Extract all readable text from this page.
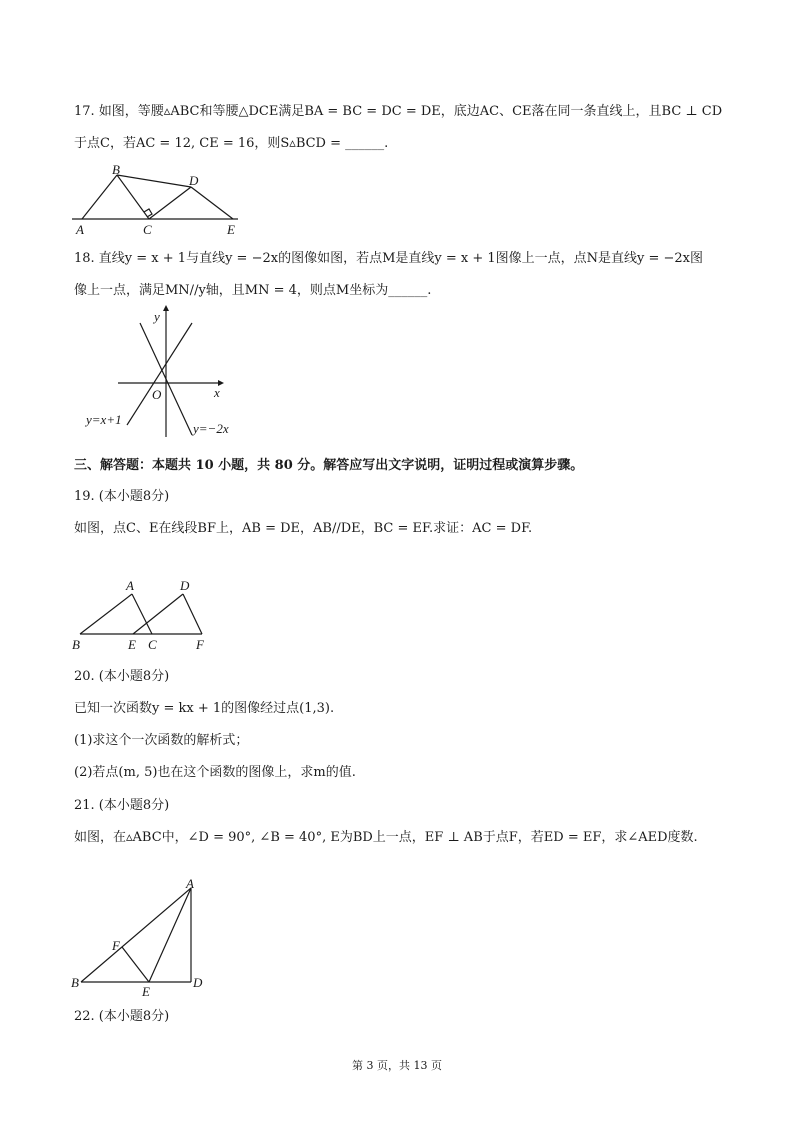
17. 如图，等腰▵ABC和等腰△DCE满足BA = BC = DC = DE，底边AC、CE落在同一条直线上，且BC ⊥ CD
于点C，若AC = 12, CE = 16，则S▵BCD = ______.
B
D
A	C	E
18. 直线y = x + 1与直线y = −2x的图像如图，若点M是直线y = x + 1图像上一点，点N是直线y = −2x图
像上一点，满足MN//y轴，且MN = 4，则点M坐标为______.
x
y
O
y=x+1
y=−2x
三、解答题：本题共 10 小题，共 80 分。解答应写出文字说明，证明过程或演算步骤。
19. (本小题8分)
如图，点C、E在线段BF上，AB = DE，AB//DE，BC = EF.求证：AC = DF.
A	D
B	E C	F
20. (本小题8分)
已知一次函数y = kx + 1的图像经过点(1,3).
(1)求这个一次函数的解析式；
(2)若点(m, 5)也在这个函数的图像上，求m的值.
21. (本小题8分)
如图，在▵ABC中，∠D = 90°, ∠B = 40°, E为BD上一点，EF ⊥ AB于点F，若ED = EF，求∠AED度数.
A
F
B
E
D
22. (本小题8分)
第 3 页，共 13 页
